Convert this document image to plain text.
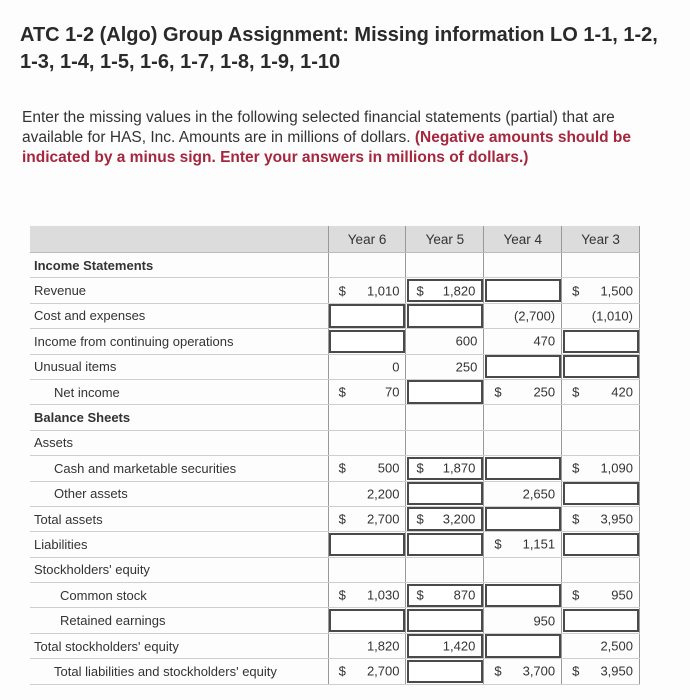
ATC 1-2 (Algo) Group Assignment: Missing information LO 1-1, 1-2, 1-3, 1-4, 1-5, 1-6, 1-7, 1-8, 1-9, 1-10
Enter the missing values in the following selected financial statements (partial) that are available for HAS, Inc. Amounts are in millions of dollars. (Negative amounts should be indicated by a minus sign. Enter your answers in millions of dollars.)
	Year 6	Year 5	Year 4	Year 3
Income Statements				
Revenue	$ 1,010	$ 1,820		$ 1,500

Cost and expenses			(2,700)	(1,010)

Income from continuing operations		600	470	

Unusual items	0	250		

Net income	$ 70		$ 250	$ 420

Balance Sheets				
Assets				
Cash and marketable securities	$ 500	$ 1,870		$ 1,090

Other assets	2,200		2,650	

Total assets	$ 2,700	$ 3,200		$ 3,950

Liabilities			$ 1,151	

Stockholders' equity				
Common stock	$ 1,030	$ 870		$ 950

Retained earnings			950	

Total stockholders' equity	1,820	1,420		2,500

Total liabilities and stockholders' equity	$ 2,700		$ 3,700	$ 3,950
